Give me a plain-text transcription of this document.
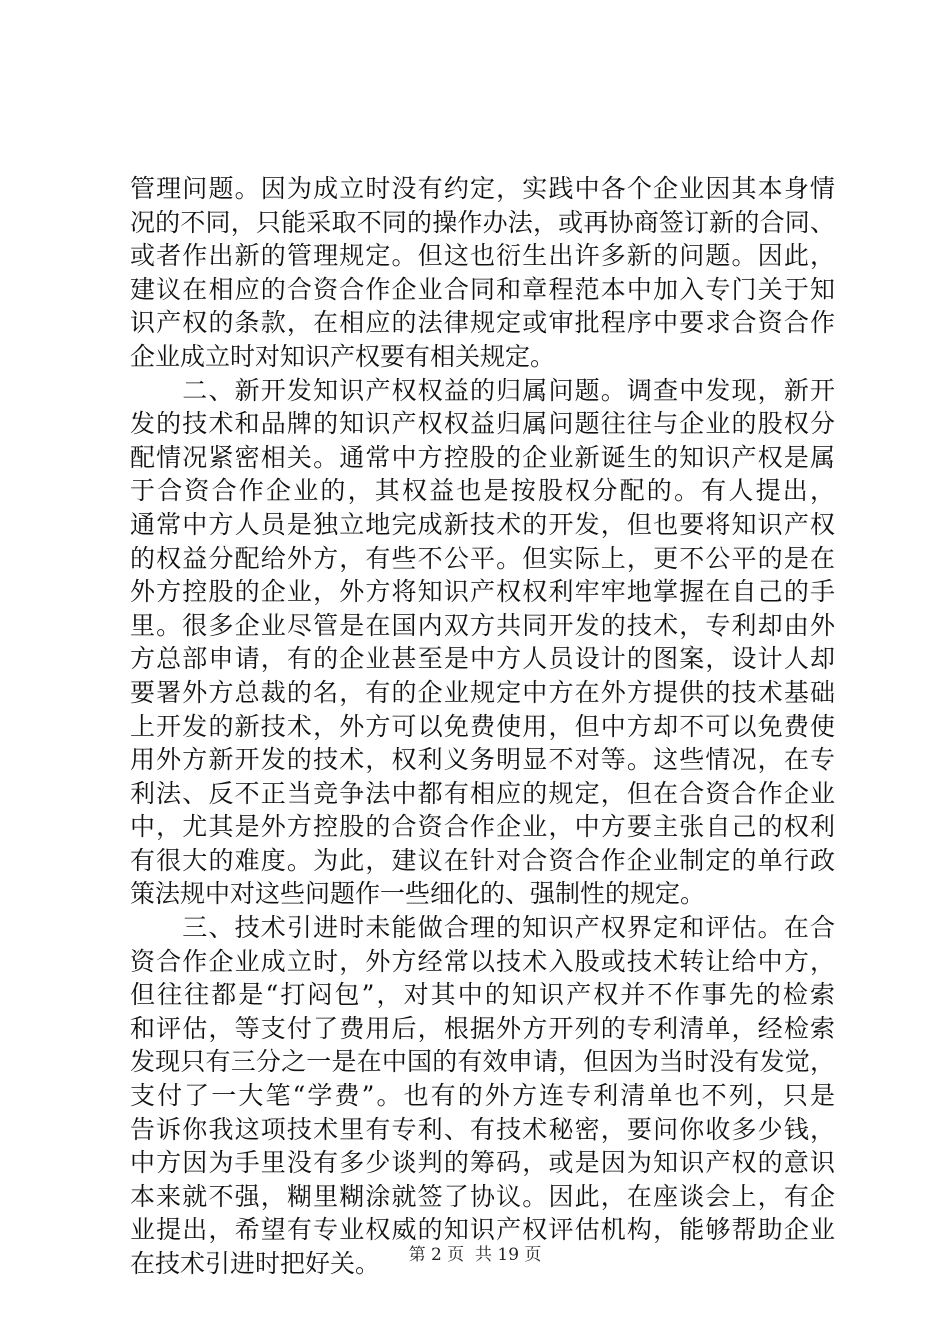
管理问题。因为成立时没有约定，实践中各个企业因其本身情
况的不同，只能采取不同的操作办法，或再协商签订新的合同、
或者作出新的管理规定。但这也衍生出许多新的问题。因此，
建议在相应的合资合作企业合同和章程范本中加入专门关于知
识产权的条款，在相应的法律规定或审批程序中要求合资合作
企业成立时对知识产权要有相关规定。
　　二、新开发知识产权权益的归属问题。调查中发现，新开
发的技术和品牌的知识产权权益归属问题往往与企业的股权分
配情况紧密相关。通常中方控股的企业新诞生的知识产权是属
于合资合作企业的，其权益也是按股权分配的。有人提出，
通常中方人员是独立地完成新技术的开发，但也要将知识产权
的权益分配给外方，有些不公平。但实际上，更不公平的是在
外方控股的企业，外方将知识产权权利牢牢地掌握在自己的手
里。很多企业尽管是在国内双方共同开发的技术，专利却由外
方总部申请，有的企业甚至是中方人员设计的图案，设计人却
要署外方总裁的名，有的企业规定中方在外方提供的技术基础
上开发的新技术，外方可以免费使用，但中方却不可以免费使
用外方新开发的技术，权利义务明显不对等。这些情况，在专
利法、反不正当竞争法中都有相应的规定，但在合资合作企业
中，尤其是外方控股的合资合作企业，中方要主张自己的权利
有很大的难度。为此，建议在针对合资合作企业制定的单行政
策法规中对这些问题作一些细化的、强制性的规定。
　　三、技术引进时未能做合理的知识产权界定和评估。在合
资合作企业成立时，外方经常以技术入股或技术转让给中方，
但往往都是“打闷包”，对其中的知识产权并不作事先的检索
和评估，等支付了费用后，根据外方开列的专利清单，经检索
发现只有三分之一是在中国的有效申请，但因为当时没有发觉，
支付了一大笔“学费”。也有的外方连专利清单也不列，只是
告诉你我这项技术里有专利、有技术秘密，要问你收多少钱，
中方因为手里没有多少谈判的筹码，或是因为知识产权的意识
本来就不强，糊里糊涂就签了协议。因此，在座谈会上，有企
业提出，希望有专业权威的知识产权评估机构，能够帮助企业
在技术引进时把好关。	第 2 页  共 19 页
